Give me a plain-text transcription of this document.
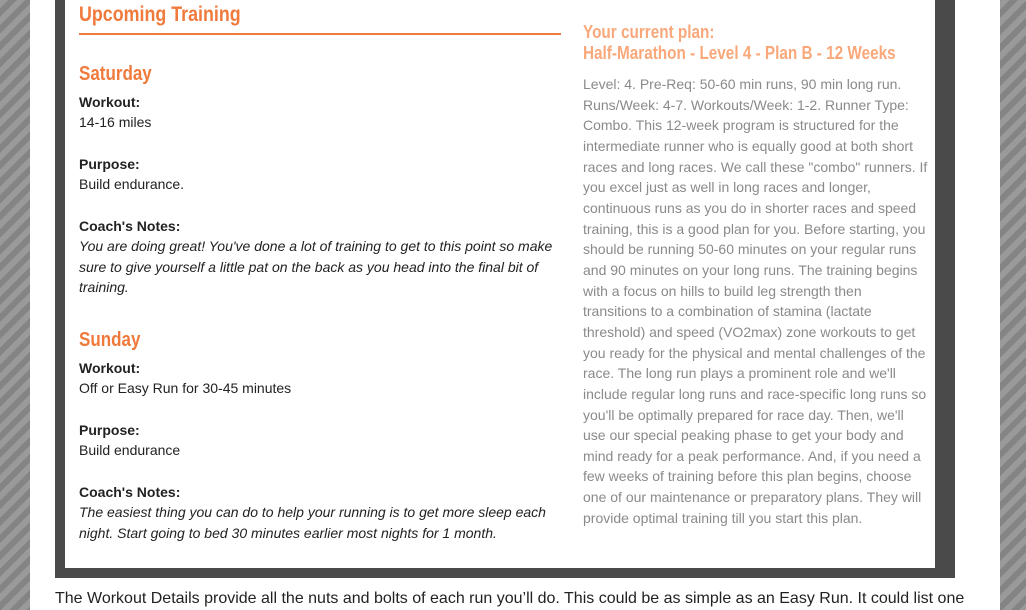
Upcoming Training
Saturday
Workout:
14-16 miles
Purpose:
Build endurance.
Coach's Notes:
You are doing great! You've done a lot of training to get to this point so make sure to give yourself a little pat on the back as you head into the final bit of training.
Sunday
Workout:
Off or Easy Run for 30-45 minutes
Purpose:
Build endurance
Coach's Notes:
The easiest thing you can do to help your running is to get more sleep each night. Start going to bed 30 minutes earlier most nights for 1 month.
Your current plan:
Half-Marathon - Level 4 - Plan B - 12 Weeks

Level: 4. Pre-Req: 50-60 min runs, 90 min long run. Runs/Week: 4-7. Workouts/Week: 1-2. Runner Type: Combo. This 12-week program is structured for the intermediate runner who is equally good at both short races and long races. We call these "combo" runners. If you excel just as well in long races and longer, continuous runs as you do in shorter races and speed training, this is a good plan for you. Before starting, you should be running 50-60 minutes on your regular runs and 90 minutes on your long runs. The training begins with a focus on hills to build leg strength then transitions to a combination of stamina (lactate threshold) and speed (VO2max) zone workouts to get you ready for the physical and mental challenges of the race. The long run plays a prominent role and we'll include regular long runs and race-specific long runs so you'll be optimally prepared for race day. Then, we'll use our special peaking phase to get your body and mind ready for a peak performance. And, if you need a few weeks of training before this plan begins, choose one of our maintenance or preparatory plans. They will provide optimal training till you start this plan.

The Workout Details provide all the nuts and bolts of each run you’ll do. This could be as simple as an Easy Run. It could list one
